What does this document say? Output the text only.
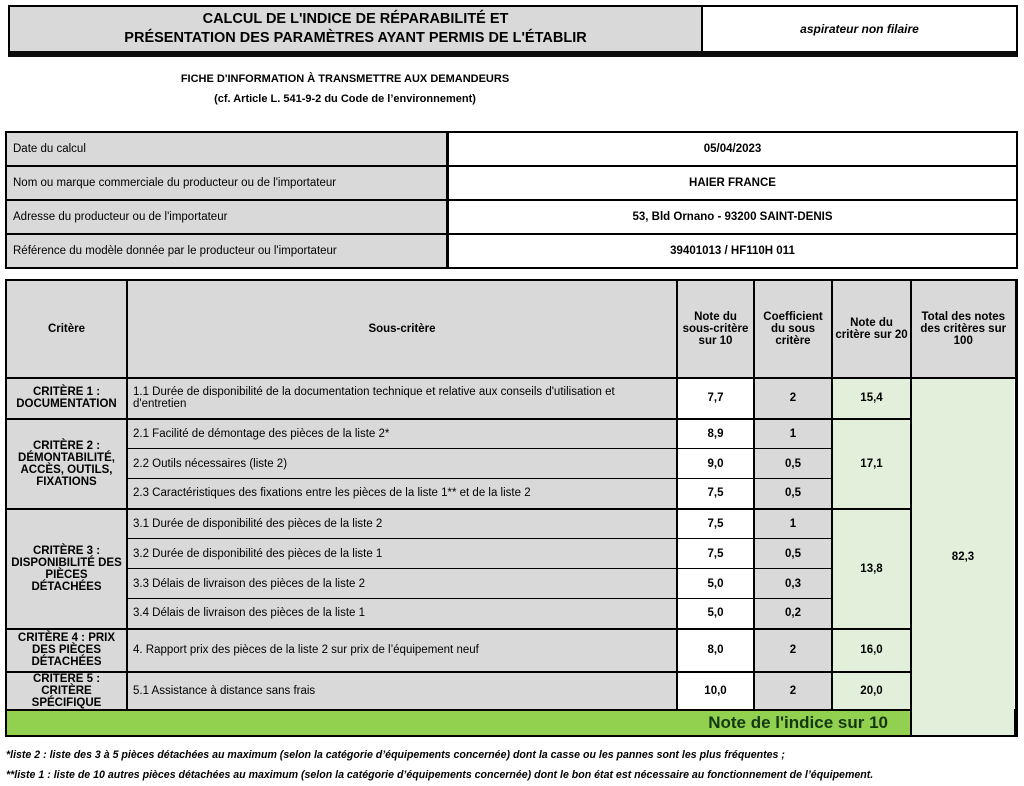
CALCUL DE L'INDICE DE RÉPARABILITÉ ET
PRÉSENTATION DES PARAMÈTRES AYANT PERMIS DE L'ÉTABLIR
aspirateur non filaire
FICHE D'INFORMATION À TRANSMETTRE AUX DEMANDEURS
(cf. Article L. 541-9-2 du Code de l’environnement)
Date du calcul	05/04/2023
Nom ou marque commerciale du producteur ou de l'importateur	HAIER FRANCE
Adresse du producteur ou de l'importateur	53, Bld Ornano - 93200 SAINT-DENIS
Référence du modèle donnée par le producteur ou l'importateur	39401013 / HF110H 011
Critère	Sous-critère	Note du sous-critère sur 10	Coefficient du sous critère	Note du critère sur 20	Total des notes des critères sur 100	
CRITÈRE 1 : DOCUMENTATION	1.1 Durée de disponibilité de la documentation technique et relative aux conseils d'utilisation et d'entretien	7,7	2	15,4	82,3	
CRITÈRE 2 : DÉMONTABILITÉ, ACCÈS, OUTILS, FIXATIONS	2.1 Facilité de démontage des pièces de la liste 2*	8,9	1	17,1		
	2.2 Outils nécessaires (liste 2)	9,0	0,5			
	2.3 Caractéristiques des fixations entre les pièces de la liste 1** et de la liste 2	7,5	0,5			
CRITÈRE 3 : DISPONIBILITÉ DES PIÈCES DÉTACHÉES	3.1 Durée de disponibilité des pièces de la liste 2	7,5	1	13,8		
	3.2 Durée de disponibilité des pièces de la liste 1	7,5	0,5			
	3.3 Délais de livraison des pièces de la liste 2	5,0	0,3			
	3.4 Délais de livraison des pièces de la liste 1	5,0	0,2			
CRITÈRE 4 : PRIX DES PIÈCES DÉTACHÉES	4. Rapport prix des pièces de la liste 2 sur prix de l’équipement neuf	8,0	2	16,0		
CRITÈRE 5 : CRITÈRE SPÉCIFIQUE	5.1 Assistance à distance sans frais	10,0	2	20,0		
Note de l'indice sur 10	
*liste 2 : liste des 3 à 5 pièces détachées au maximum (selon la catégorie d’équipements concernée) dont la casse ou les pannes sont les plus fréquentes ;
**liste 1 : liste de 10 autres pièces détachées au maximum (selon la catégorie d’équipements concernée) dont le bon état est nécessaire au fonctionnement de l’équipement.
